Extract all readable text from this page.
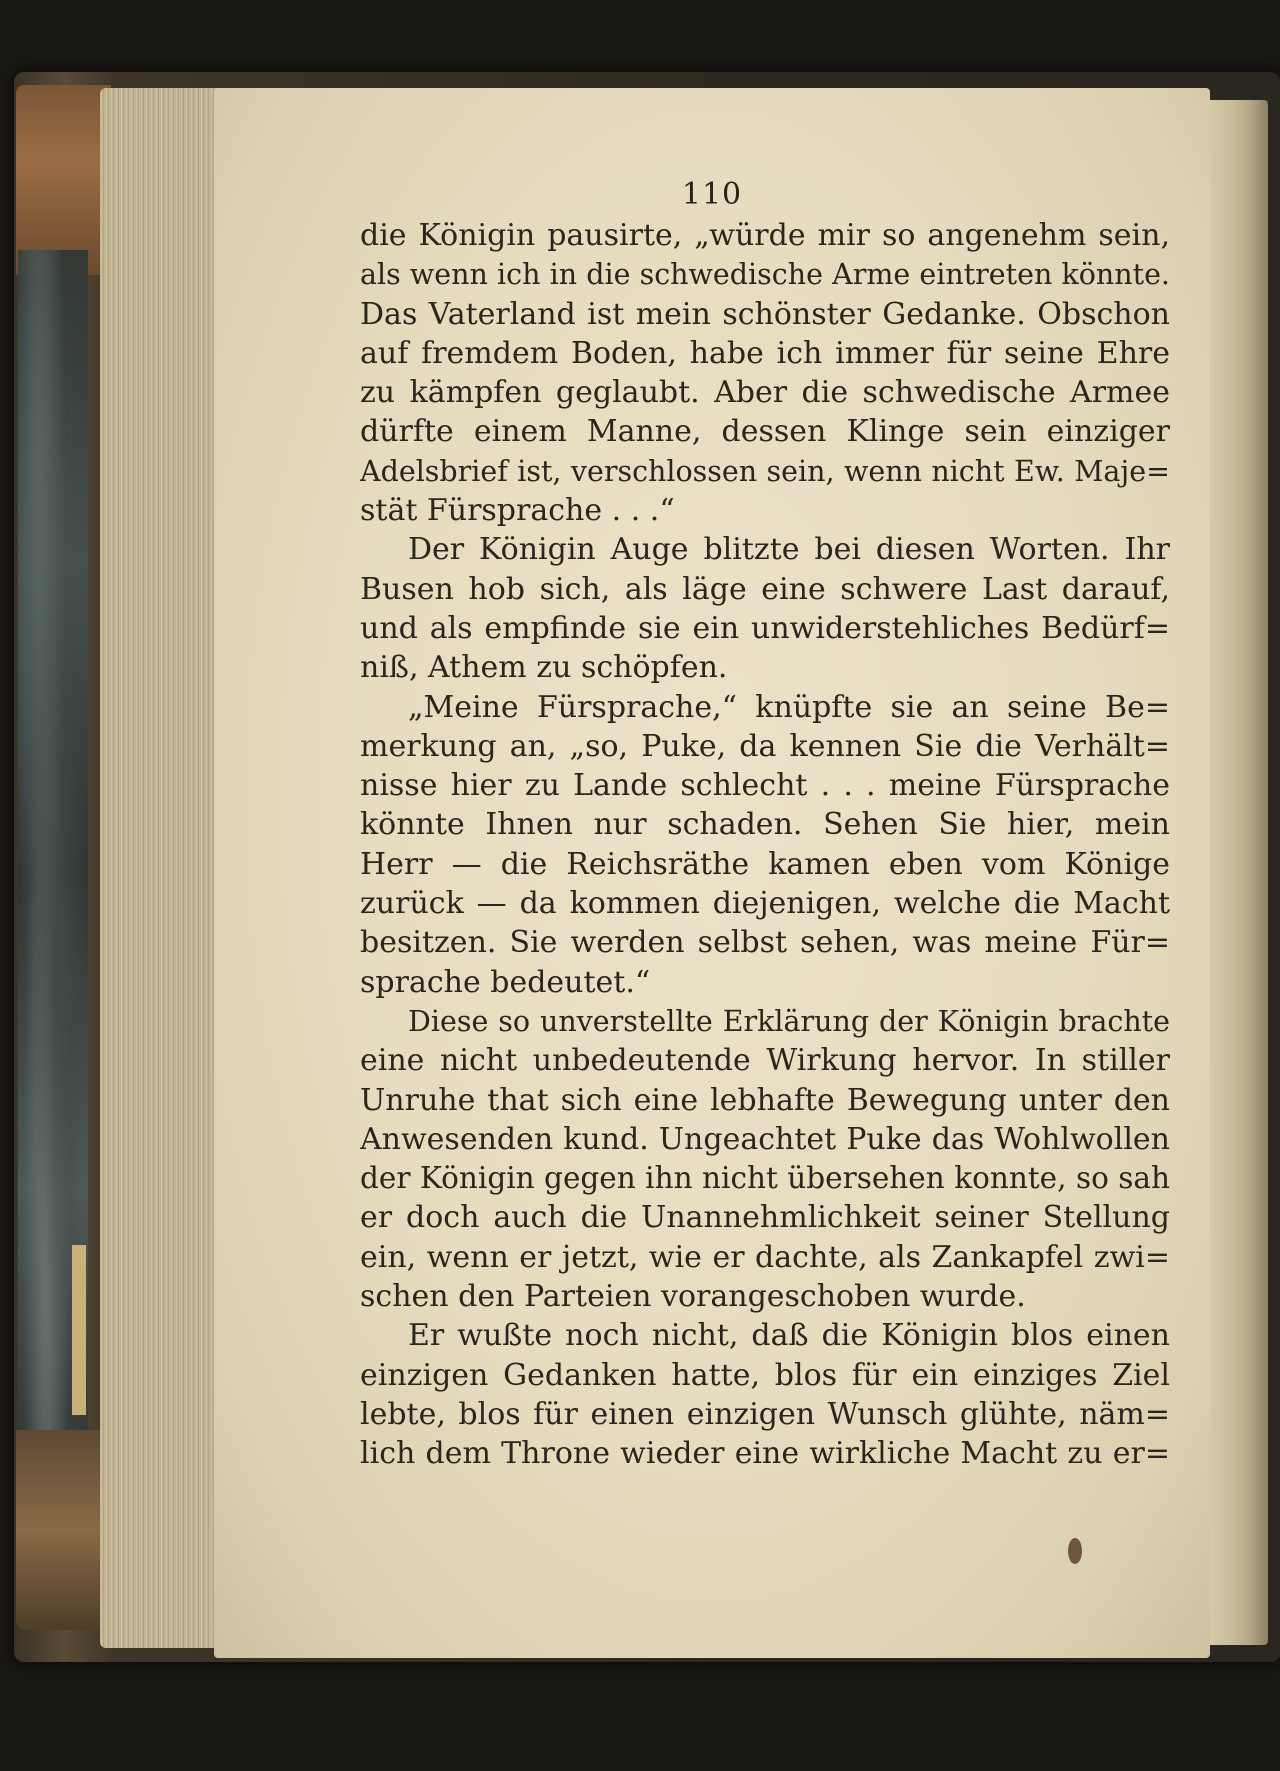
110
die Königin pausirte, „würde mir so angenehm sein,
als wenn ich in die schwedische Arme eintreten könnte.
Das Vaterland ist mein schönster Gedanke. Obschon
auf fremdem Boden, habe ich immer für seine Ehre
zu kämpfen geglaubt. Aber die schwedische Armee
dürfte einem Manne, dessen Klinge sein einziger
Adelsbrief ist, verschlossen sein, wenn nicht Ew. Maje=
stät Fürsprache . . .“
Der Königin Auge blitzte bei diesen Worten. Ihr
Busen hob sich, als läge eine schwere Last darauf,
und als empfinde sie ein unwiderstehliches Bedürf=
niß, Athem zu schöpfen.
„Meine Fürsprache,“ knüpfte sie an seine Be=
merkung an, „so, Puke, da kennen Sie die Verhält=
nisse hier zu Lande schlecht . . . meine Fürsprache
könnte Ihnen nur schaden. Sehen Sie hier, mein
Herr — die Reichsräthe kamen eben vom Könige
zurück — da kommen diejenigen, welche die Macht
besitzen. Sie werden selbst sehen, was meine Für=
sprache bedeutet.“
Diese so unverstellte Erklärung der Königin brachte
eine nicht unbedeutende Wirkung hervor. In stiller
Unruhe that sich eine lebhafte Bewegung unter den
Anwesenden kund. Ungeachtet Puke das Wohlwollen
der Königin gegen ihn nicht übersehen konnte, so sah
er doch auch die Unannehmlichkeit seiner Stellung
ein, wenn er jetzt, wie er dachte, als Zankapfel zwi=
schen den Parteien vorangeschoben wurde.
Er wußte noch nicht, daß die Königin blos einen
einzigen Gedanken hatte, blos für ein einziges Ziel
lebte, blos für einen einzigen Wunsch glühte, näm=
lich dem Throne wieder eine wirkliche Macht zu er=
